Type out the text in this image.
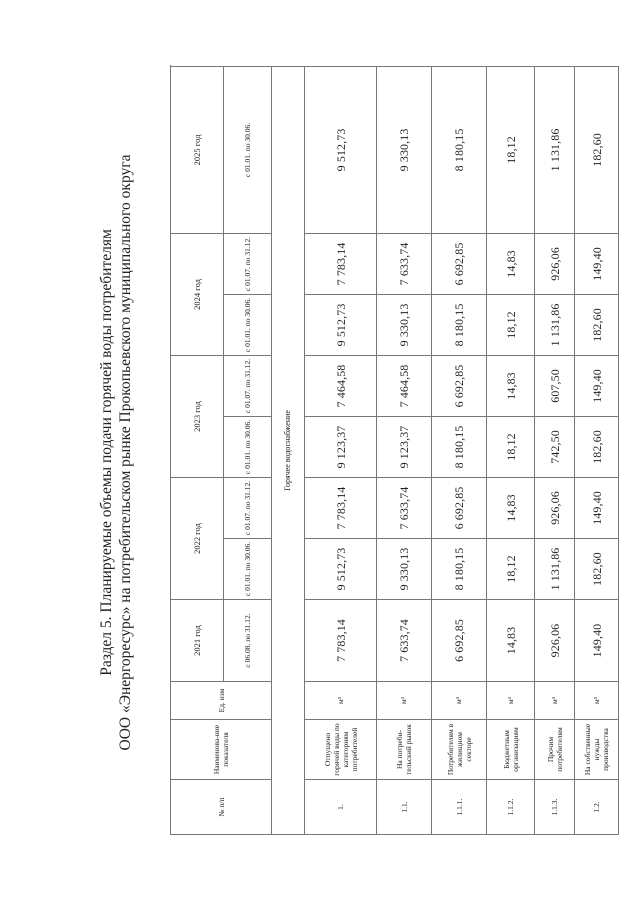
Раздел 5. Планируемые объемы подачи горячей воды потребителям ООО «Энергоресурс» на потребительском рынке Прокопьевского муниципального округа
№ п/п	Наименова-ние показателя	Ед. изм	2021 год	2022 год		2023 год		2024 год		2025 год	
			с 06.08. по 31.12.	с 01.01. по 30.06.	с 01.07. по 31.12.	с 01.01. по 30.06.	с 01.07. по 31.12.	с 01.01. по 30.06.	с 01.07. по 31.12.	с 01.01. по 30.06.	
Горячее водоснабжение											
1.	Отпущено горячей воды по категориям потребителей	м³	7 783,14	9 512,73	7 783,14	9 123,37	7 464,58	9 512,73	7 783,14	9 512,73	
1.1.	На потреби-тельский рынок	м³	7 633,74	9 330,13	7 633,74	9 123,37	7 464,58	9 330,13	7 633,74	9 330,13	
1.1.1.	Потребителям в жилищном секторе	м³	6 692,85	8 180,15	6 692,85	8 180,15	6 692,85	8 180,15	6 692,85	8 180,15	
1.1.2.	Бюджетным организациям	м³	14,83	18,12	14,83	18,12	14,83	18,12	14,83	18,12	
1.1.3.	Прочим потребителям	м³	926,06	1 131,86	926,06	742,50	607,50	1 131,86	926,06	1 131,86	
1.2.	На собственные нужды производства	м³	149,40	182,60	149,40	182,60	149,40	182,60	149,40	182,60	
